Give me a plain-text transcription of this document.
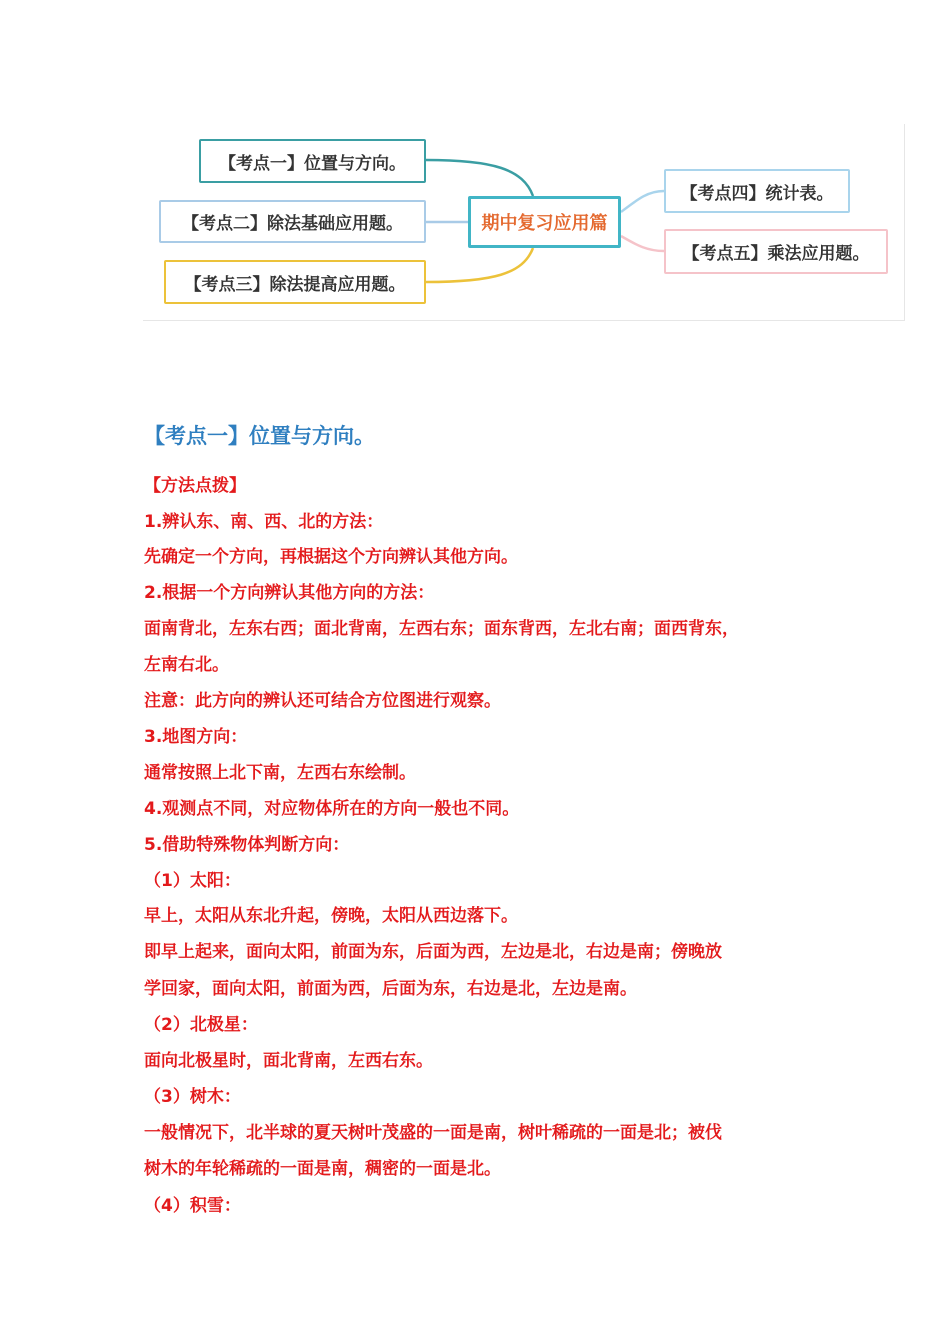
【考点一】位置与方向。
【考点二】除法基础应用题。
【考点三】除法提高应用题。
期中复习应用篇
【考点四】统计表。
【考点五】乘法应用题。
【考点一】位置与方向。
【方法点拨】
1.辨认东、南、西、北的方法：
先确定一个方向，再根据这个方向辨认其他方向。
2.根据一个方向辨认其他方向的方法：
面南背北，左东右西；面北背南，左西右东；面东背西，左北右南；面西背东，
左南右北。
注意：此方向的辨认还可结合方位图进行观察。
3.地图方向：
通常按照上北下南，左西右东绘制。
4.观测点不同，对应物体所在的方向一般也不同。
5.借助特殊物体判断方向：
（1）太阳：
早上，太阳从东北升起，傍晚，太阳从西边落下。
即早上起来，面向太阳，前面为东，后面为西，左边是北，右边是南；傍晚放
学回家，面向太阳，前面为西，后面为东，右边是北，左边是南。
（2）北极星：
面向北极星时，面北背南，左西右东。
（3）树木：
一般情况下，北半球的夏天树叶茂盛的一面是南，树叶稀疏的一面是北；被伐
树木的年轮稀疏的一面是南，稠密的一面是北。
（4）积雪：
